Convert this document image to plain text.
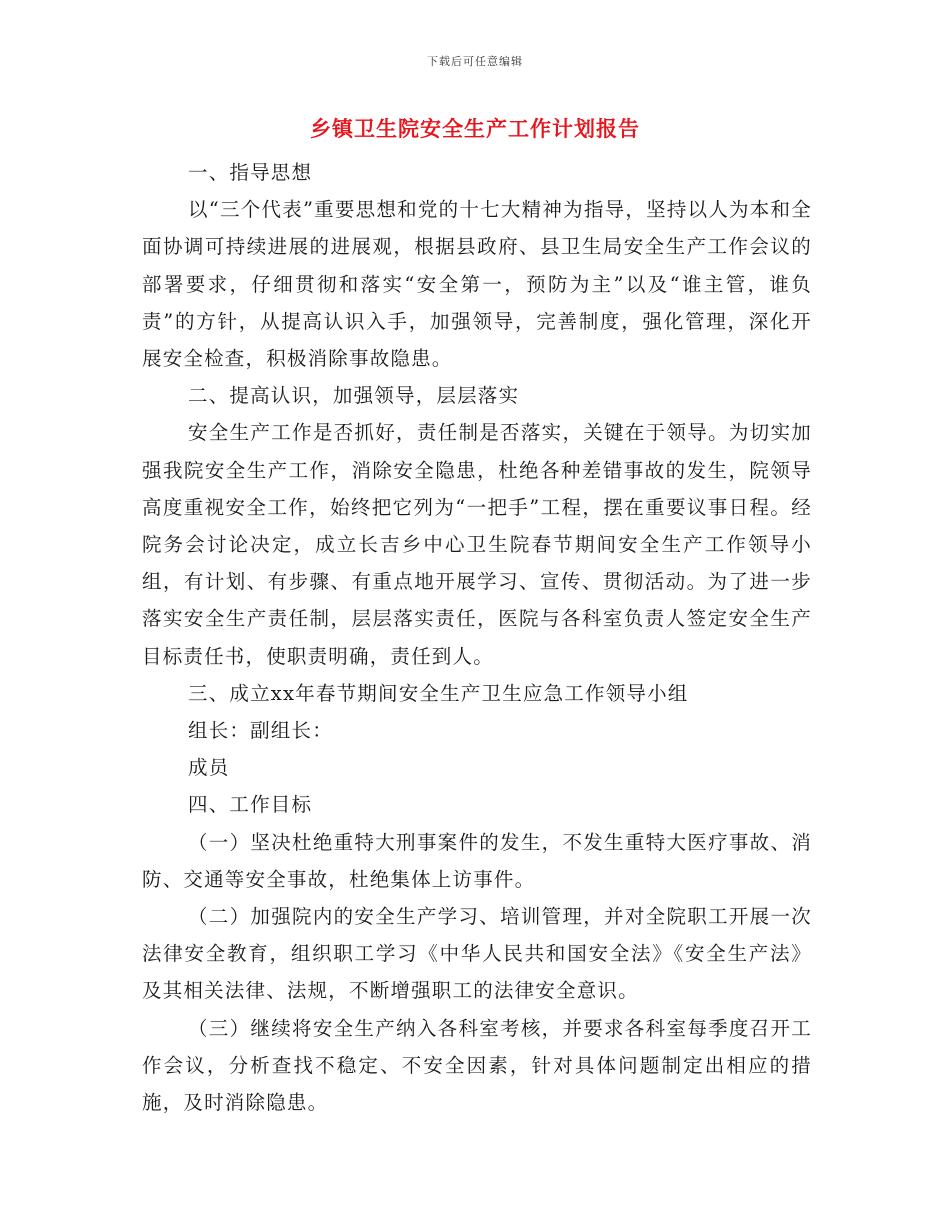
下载后可任意编辑
乡镇卫生院安全生产工作计划报告

一、指导思想

以“三个代表”重要思想和党的十七大精神为指导，坚持以人为本和全面协调可持续进展的进展观，根据县政府、县卫生局安全生产工作会议的部署要求，仔细贯彻和落实“安全第一，预防为主”以及“谁主管，谁负责”的方针，从提高认识入手，加强领导，完善制度，强化管理，深化开展安全检查，积极消除事故隐患。

二、提高认识，加强领导，层层落实

安全生产工作是否抓好，责任制是否落实，关键在于领导。为切实加强我院安全生产工作，消除安全隐患，杜绝各种差错事故的发生，院领导高度重视安全工作，始终把它列为“一把手”工程，摆在重要议事日程。经院务会讨论决定，成立长吉乡中心卫生院春节期间安全生产工作领导小组，有计划、有步骤、有重点地开展学习、宣传、贯彻活动。为了进一步落实安全生产责任制，层层落实责任，医院与各科室负责人签定安全生产目标责任书，使职责明确，责任到人。

三、成立xx年春节期间安全生产卫生应急工作领导小组

组长：副组长：

成员

四、工作目标

（一）坚决杜绝重特大刑事案件的发生，不发生重特大医疗事故、消防、交通等安全事故，杜绝集体上访事件。

（二）加强院内的安全生产学习、培训管理，并对全院职工开展一次法律安全教育，组织职工学习《中华人民共和国安全法》《安全生产法》及其相关法律、法规，不断增强职工的法律安全意识。

（三）继续将安全生产纳入各科室考核，并要求各科室每季度召开工作会议，分析查找不稳定、不安全因素，针对具体问题制定出相应的措施，及时消除隐患。
